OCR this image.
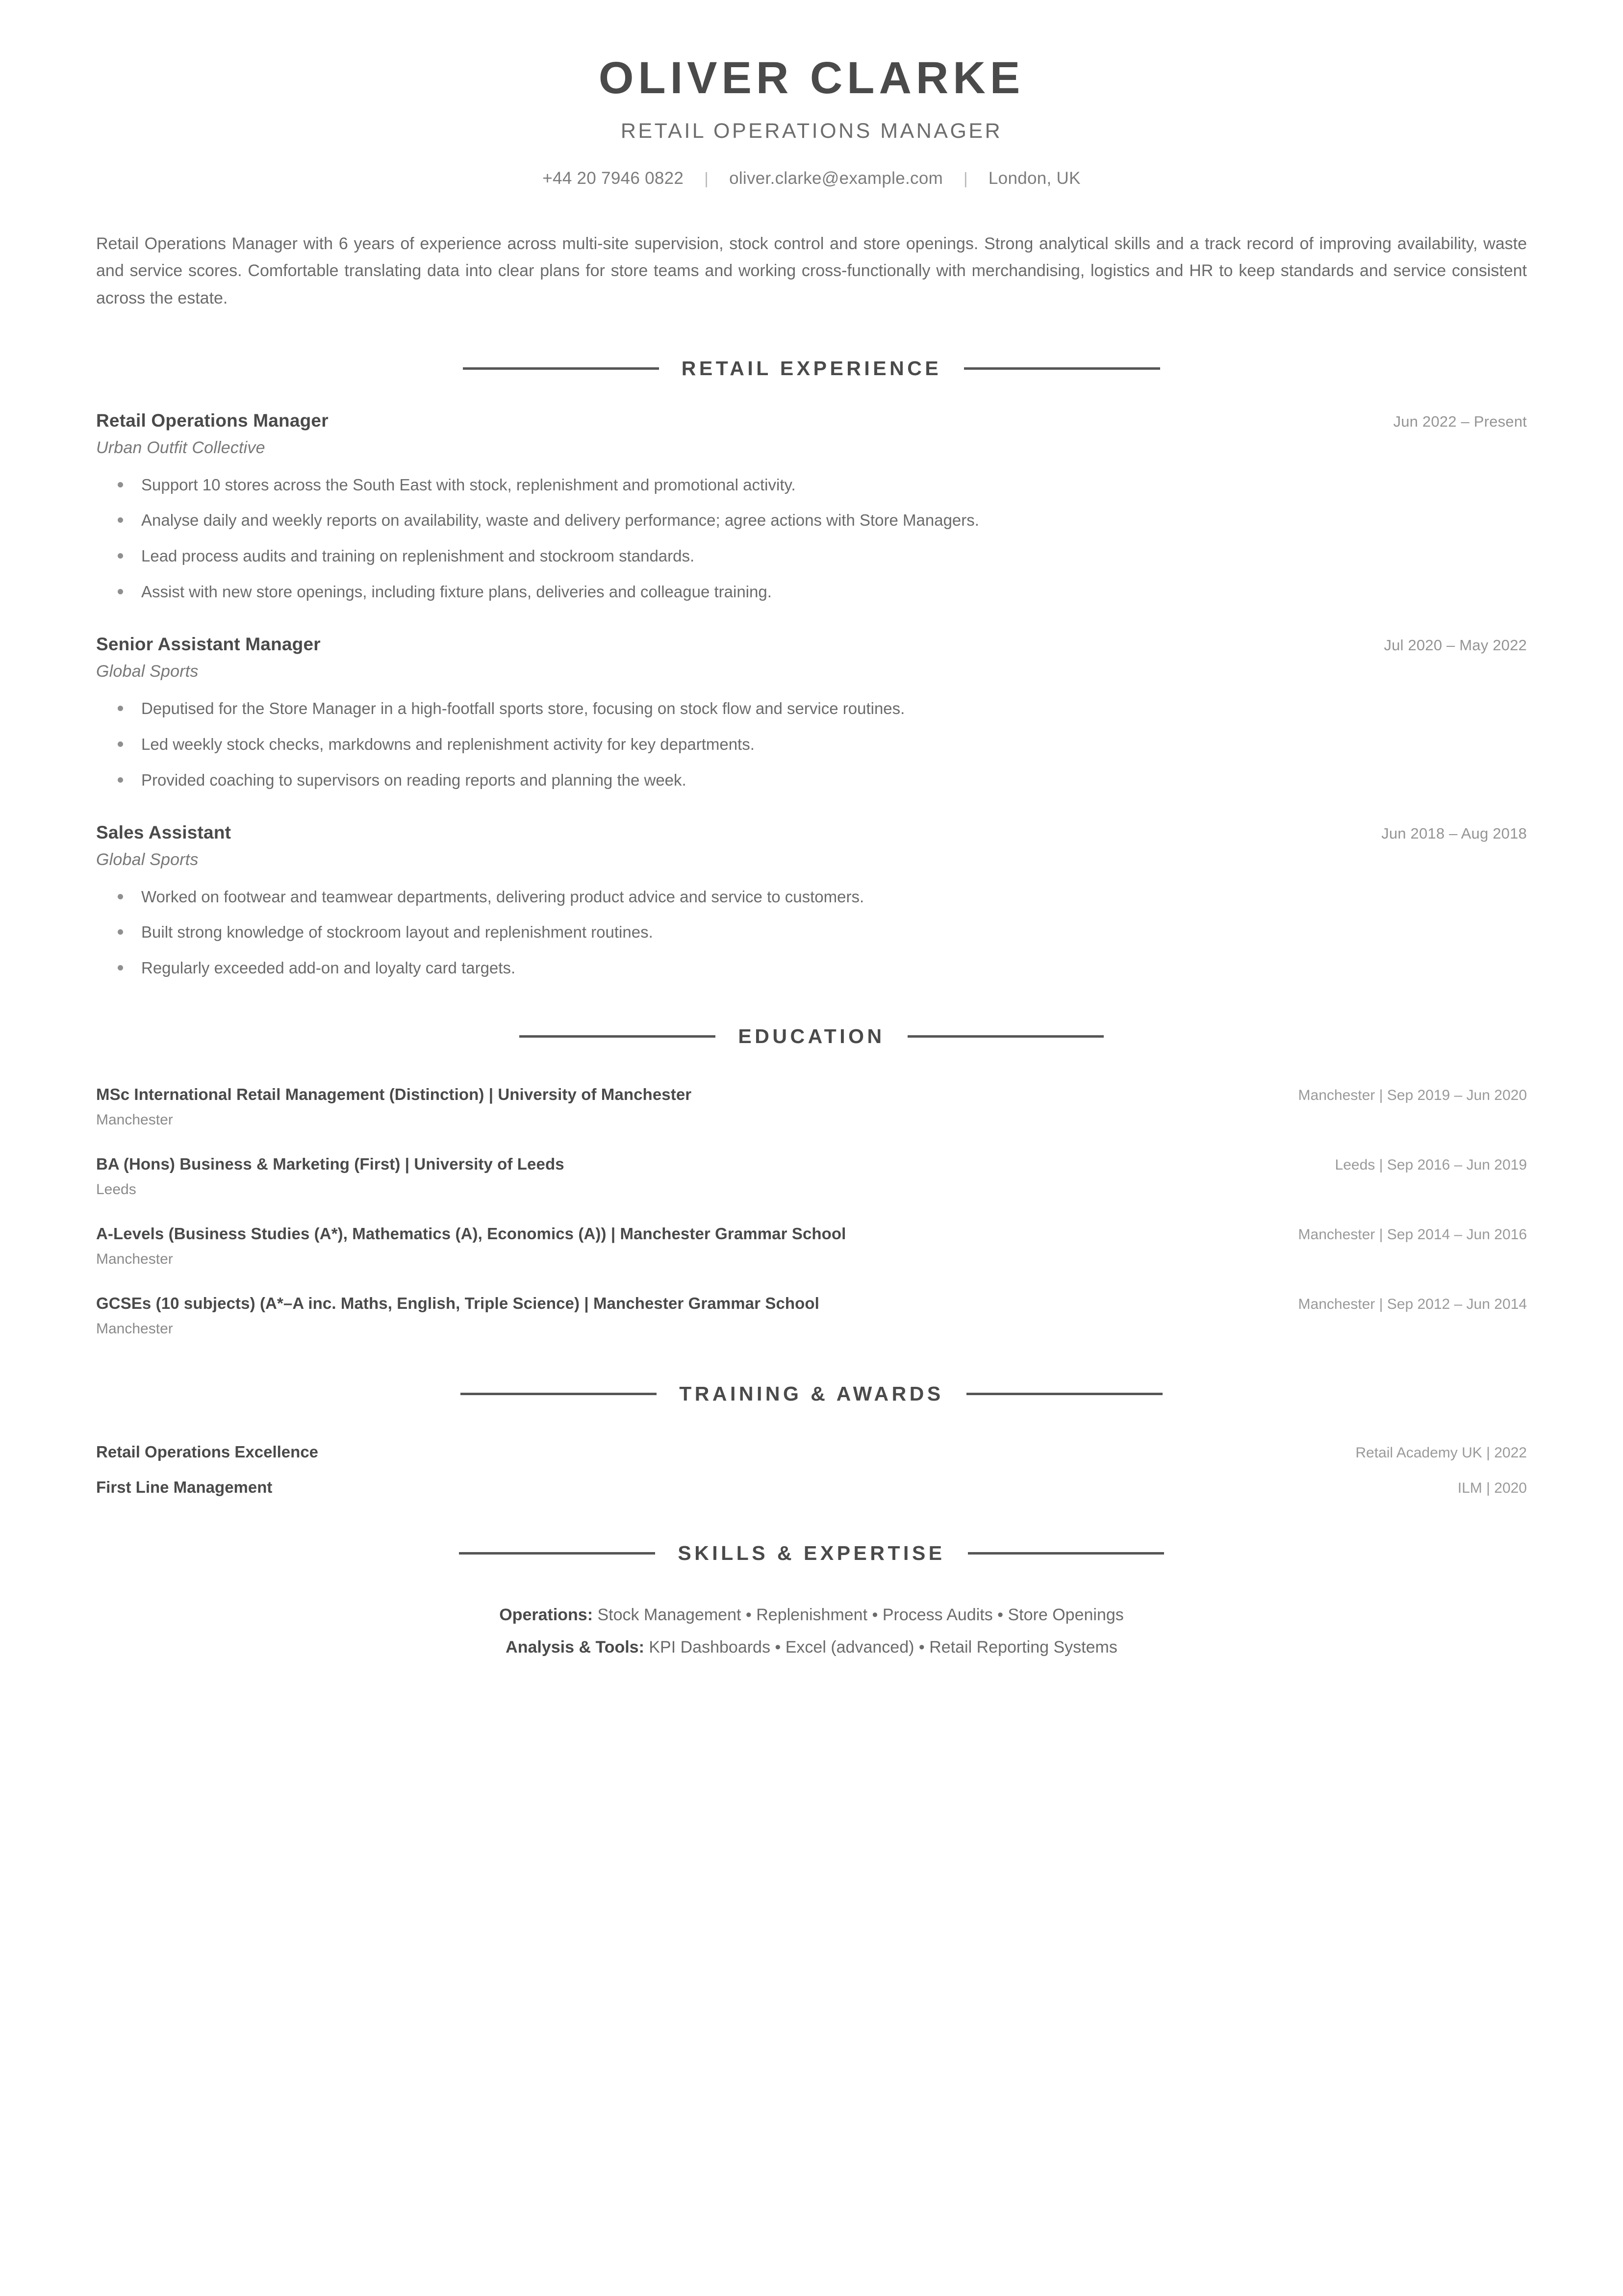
OLIVER CLARKE
RETAIL OPERATIONS MANAGER
+44 20 7946 0822	|	oliver.clarke@example.com	|	London, UK
Retail Operations Manager with 6 years of experience across multi-site supervision, stock control and store openings. Strong analytical skills and a track record of improving availability, waste and service scores. Comfortable translating data into clear plans for store teams and working cross-functionally with merchandising, logistics and HR to keep standards and service consistent across the estate.
RETAIL EXPERIENCE
Retail Operations Manager	Jun 2022 – Present
Urban Outfit Collective
Support 10 stores across the South East with stock, replenishment and promotional activity.
Analyse daily and weekly reports on availability, waste and delivery performance; agree actions with Store Managers.
Lead process audits and training on replenishment and stockroom standards.
Assist with new store openings, including fixture plans, deliveries and colleague training.
Senior Assistant Manager	Jul 2020 – May 2022
Global Sports
Deputised for the Store Manager in a high-footfall sports store, focusing on stock flow and service routines.
Led weekly stock checks, markdowns and replenishment activity for key departments.
Provided coaching to supervisors on reading reports and planning the week.
Sales Assistant	Jun 2018 – Aug 2018
Global Sports
Worked on footwear and teamwear departments, delivering product advice and service to customers.
Built strong knowledge of stockroom layout and replenishment routines.
Regularly exceeded add-on and loyalty card targets.
EDUCATION
MSc International Retail Management (Distinction) | University of Manchester	Manchester | Sep 2019 – Jun 2020
Manchester
BA (Hons) Business & Marketing (First) | University of Leeds	Leeds | Sep 2016 – Jun 2019
Leeds
A-Levels (Business Studies (A*), Mathematics (A), Economics (A)) | Manchester Grammar School	Manchester | Sep 2014 – Jun 2016
Manchester
GCSEs (10 subjects) (A*–A inc. Maths, English, Triple Science) | Manchester Grammar School	Manchester | Sep 2012 – Jun 2014
Manchester
TRAINING & AWARDS
Retail Operations Excellence	Retail Academy UK | 2022
First Line Management	ILM | 2020
SKILLS & EXPERTISE
Operations: Stock Management • Replenishment • Process Audits • Store Openings
Analysis & Tools: KPI Dashboards • Excel (advanced) • Retail Reporting Systems
